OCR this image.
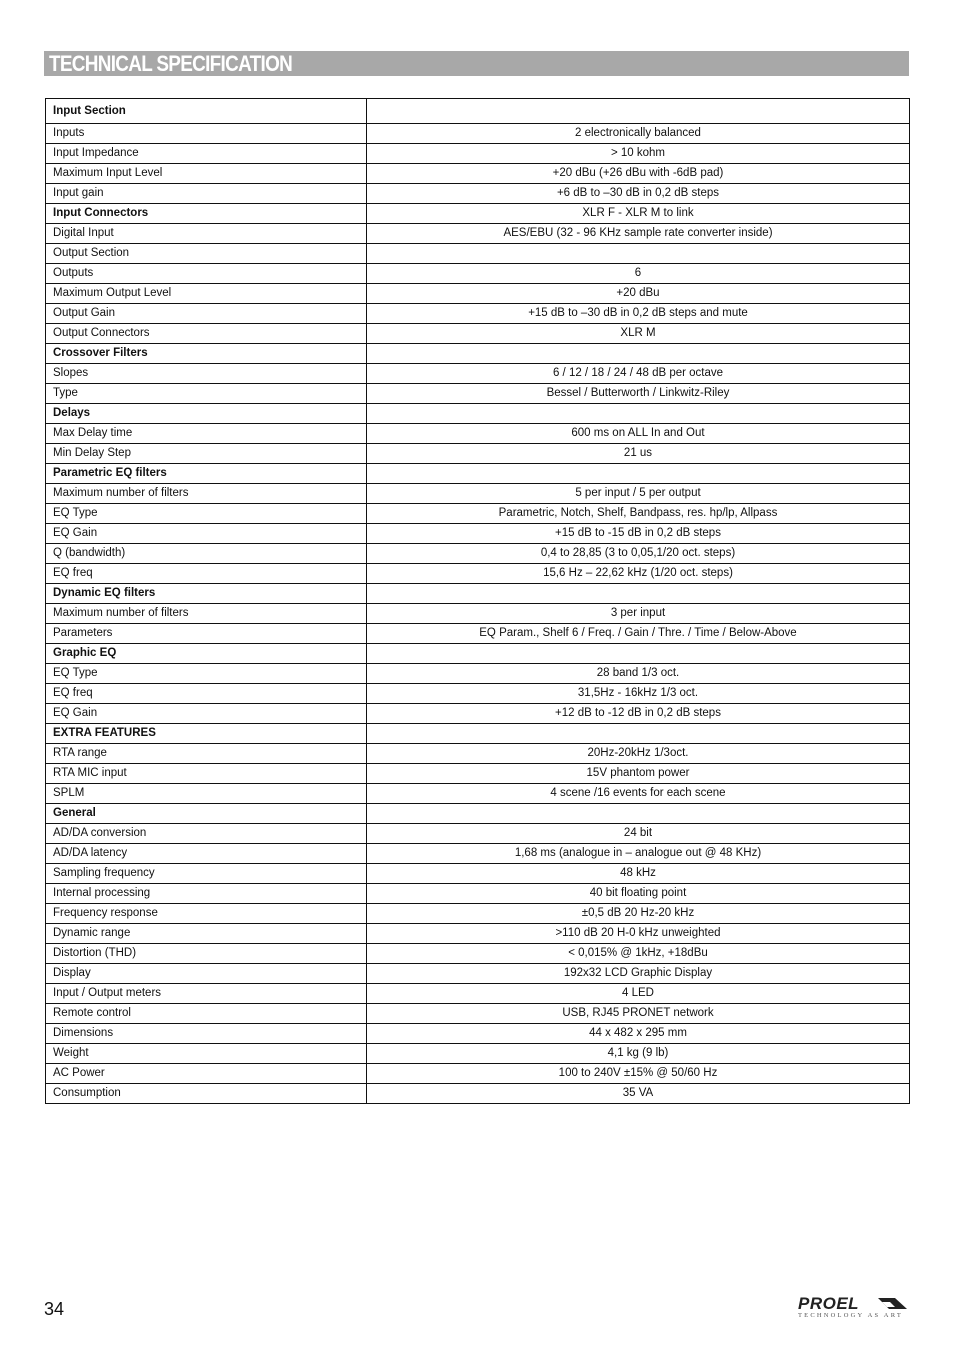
TECHNICAL SPECIFICATION
Input Section	
Inputs	2 electronically balanced
Input Impedance	> 10 kohm
Maximum Input Level	+20 dBu (+26 dBu with -6dB pad)
Input gain	+6 dB to –30 dB in 0,2 dB steps
Input Connectors	XLR F - XLR M to link
Digital Input	AES/EBU (32 - 96 KHz sample rate converter inside)
Output Section	
Outputs	6
Maximum Output Level	+20 dBu
Output Gain	+15 dB to –30 dB in 0,2 dB steps and mute
Output Connectors	XLR M
Crossover Filters	
Slopes	6 / 12 / 18 / 24 / 48 dB per octave
Type	Bessel / Butterworth / Linkwitz-Riley
Delays	
Max Delay time	600 ms on ALL In and Out
Min Delay Step	21 us
Parametric EQ filters	
Maximum number of filters	5 per input / 5 per output
EQ Type	Parametric, Notch, Shelf, Bandpass, res. hp/lp, Allpass
EQ Gain	+15 dB to -15 dB in 0,2 dB steps
Q (bandwidth)	0,4 to 28,85 (3 to 0,05,1/20 oct. steps)
EQ freq	15,6 Hz – 22,62 kHz (1/20 oct. steps)
Dynamic EQ filters	
Maximum number of filters	3 per input
Parameters	EQ Param., Shelf 6 / Freq. / Gain / Thre. / Time / Below-Above
Graphic EQ	
EQ Type	28 band 1/3 oct.
EQ freq	31,5Hz - 16kHz 1/3 oct.
EQ Gain	+12 dB to -12 dB in 0,2 dB steps
EXTRA FEATURES	
RTA range	20Hz-20kHz 1/3oct.
RTA MIC input	15V phantom power
SPLM	4 scene /16 events for each scene
General	
AD/DA conversion	24 bit
AD/DA latency	1,68 ms (analogue in – analogue out @ 48 KHz)
Sampling frequency	48 kHz
Internal processing	40 bit floating point
Frequency response	±0,5 dB 20 Hz-20 kHz
Dynamic range	>110 dB 20 H-0 kHz unweighted
Distortion (THD)	< 0,015% @ 1kHz, +18dBu
Display	192x32 LCD Graphic Display
Input / Output meters	4 LED
Remote control	USB, RJ45 PRONET network
Dimensions	44 x 482 x 295 mm
Weight	4,1 kg (9 lb)
AC Power	100 to 240V ±15% @ 50/60 Hz
Consumption	35 VA
34	PROEL
TECHNOLOGY AS ART
